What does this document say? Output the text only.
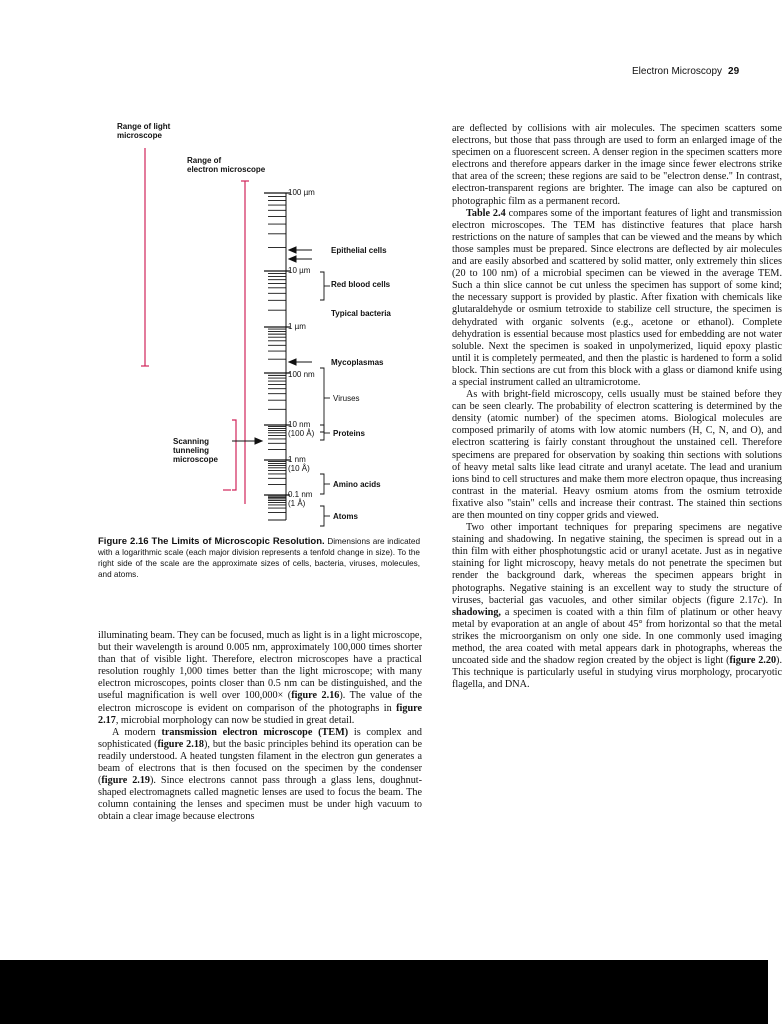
Electron Microscopy 29
Range of light
microscope
Range of
electron microscope
100 µm
10 µm
1 µm
100 nm
10 nm
(100 Å)
1 nm
(10 Å)
0.1 nm
(1 Å)
Epithelial cells
Red blood cells
Typical bacteria
Mycoplasmas
Viruses
Proteins
Amino acids
Atoms
Scanning
tunneling
microscope
Figure 2.16 The Limits of Microscopic Resolution. Dimensions are indicated with a logarithmic scale (each major division represents a tenfold change in size). To the right side of the scale are the approximate sizes of cells, bacteria, viruses, molecules, and atoms.

illuminating beam. They can be focused, much as light is in a light microscope, but their wavelength is around 0.005 nm, approximately 100,000 times shorter than that of visible light. Therefore, electron microscopes have a practical resolution roughly 1,000 times better than the light microscope; with many electron microscopes, points closer than 0.5 nm can be distinguished, and the useful magnification is well over 100,000× (figure 2.16). The value of the electron microscope is evident on comparison of the photographs in figure 2.17, microbial morphology can now be studied in great detail.

A modern transmission electron microscope (TEM) is complex and sophisticated (figure 2.18), but the basic principles behind its operation can be readily understood. A heated tungsten filament in the electron gun generates a beam of electrons that is then focused on the specimen by the condenser (figure 2.19). Since electrons cannot pass through a glass lens, doughnut-shaped electromagnets called magnetic lenses are used to focus the beam. The column containing the lenses and specimen must be under high vacuum to obtain a clear image because electrons

are deflected by collisions with air molecules. The specimen scatters some electrons, but those that pass through are used to form an enlarged image of the specimen on a fluorescent screen. A denser region in the specimen scatters more electrons and therefore appears darker in the image since fewer electrons strike that area of the screen; these regions are said to be "electron dense." In contrast, electron-transparent regions are brighter. The image can also be captured on photographic film as a permanent record.

Table 2.4 compares some of the important features of light and transmission electron microscopes. The TEM has distinctive features that place harsh restrictions on the nature of samples that can be viewed and the means by which those samples must be prepared. Since electrons are deflected by air molecules and are easily absorbed and scattered by solid matter, only extremely thin slices (20 to 100 nm) of a microbial specimen can be viewed in the average TEM. Such a thin slice cannot be cut unless the specimen has support of some kind; the necessary support is provided by plastic. After fixation with chemicals like glutaraldehyde or osmium tetroxide to stabilize cell structure, the specimen is dehydrated with organic solvents (e.g., acetone or ethanol). Complete dehydration is essential because most plastics used for embedding are not water soluble. Next the specimen is soaked in unpolymerized, liquid epoxy plastic until it is completely permeated, and then the plastic is hardened to form a solid block. Thin sections are cut from this block with a glass or diamond knife using a special instrument called an ultramicrotome.

As with bright-field microscopy, cells usually must be stained before they can be seen clearly. The probability of electron scattering is determined by the density (atomic number) of the specimen atoms. Biological molecules are composed primarily of atoms with low atomic numbers (H, C, N, and O), and electron scattering is fairly constant throughout the unstained cell. Therefore specimens are prepared for observation by soaking thin sections with solutions of heavy metal salts like lead citrate and uranyl acetate. The lead and uranium ions bind to cell structures and make them more electron opaque, thus increasing contrast in the material. Heavy osmium atoms from the osmium tetroxide fixative also "stain" cells and increase their contrast. The stained thin sections are then mounted on tiny copper grids and viewed.

Two other important techniques for preparing specimens are negative staining and shadowing. In negative staining, the specimen is spread out in a thin film with either phosphotungstic acid or uranyl acetate. Just as in negative staining for light microscopy, heavy metals do not penetrate the specimen but render the background dark, whereas the specimen appears bright in photographs. Negative staining is an excellent way to study the structure of viruses, bacterial gas vacuoles, and other similar objects (figure 2.17c). In shadowing, a specimen is coated with a thin film of platinum or other heavy metal by evaporation at an angle of about 45° from horizontal so that the metal strikes the microorganism on only one side. In one commonly used imaging method, the area coated with metal appears dark in photographs, whereas the uncoated side and the shadow region created by the object is light (figure 2.20). This technique is particularly useful in studying virus morphology, procaryotic flagella, and DNA.
